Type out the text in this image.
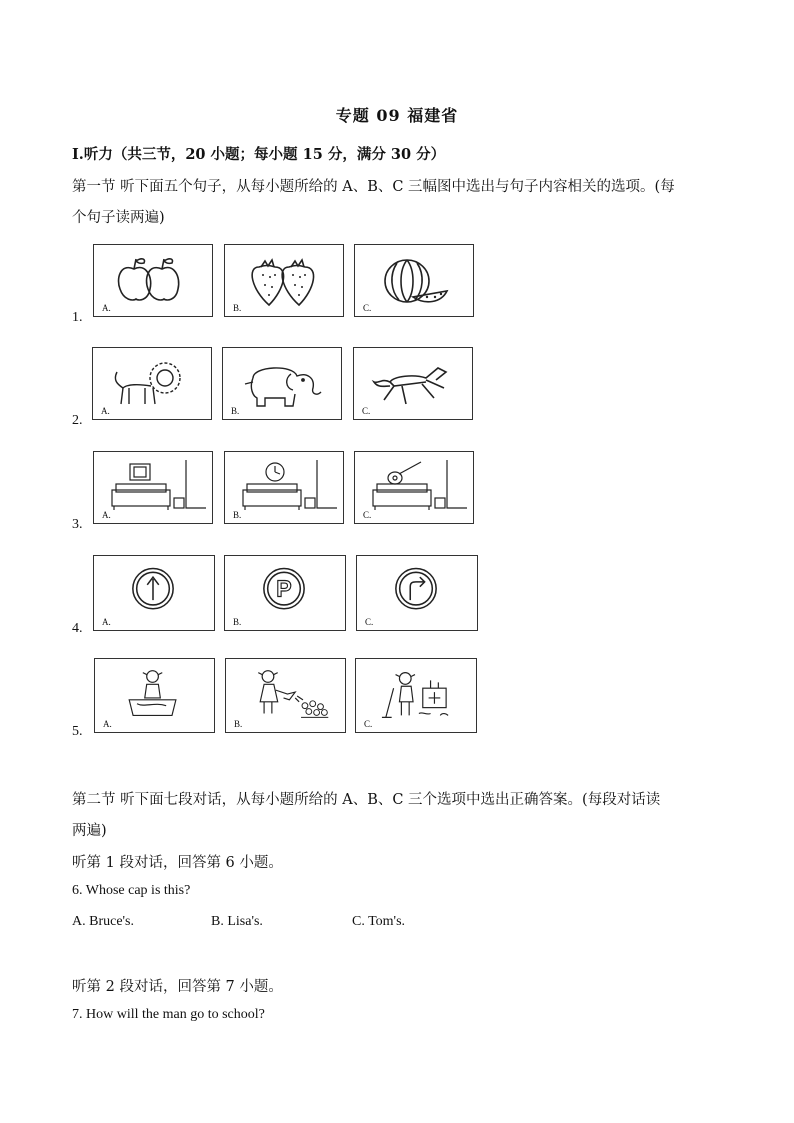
专题 09 福建省
I.听力（共三节，20 小题；每小题 15 分，满分 30 分）
第一节 听下面五个句子，从每小题所给的 A、B、C 三幅图中选出与句子内容相关的选项。(每
个句子读两遍)
1.
A.	B.	C.
2.
A.	B.	C.
3.
A.	B.	C.
4. A.
P
B.	C.
5. A.	B.	C.
第二节 听下面七段对话，从每小题所给的 A、B、C 三个选项中选出正确答案。(每段对话读
两遍)
听第 1 段对话，回答第 6 小题。
6. Whose cap is this?
A. Bruce's.	B. Lisa's.	C. Tom's.
听第 2 段对话，回答第 7 小题。
7. How will the man go to school?
